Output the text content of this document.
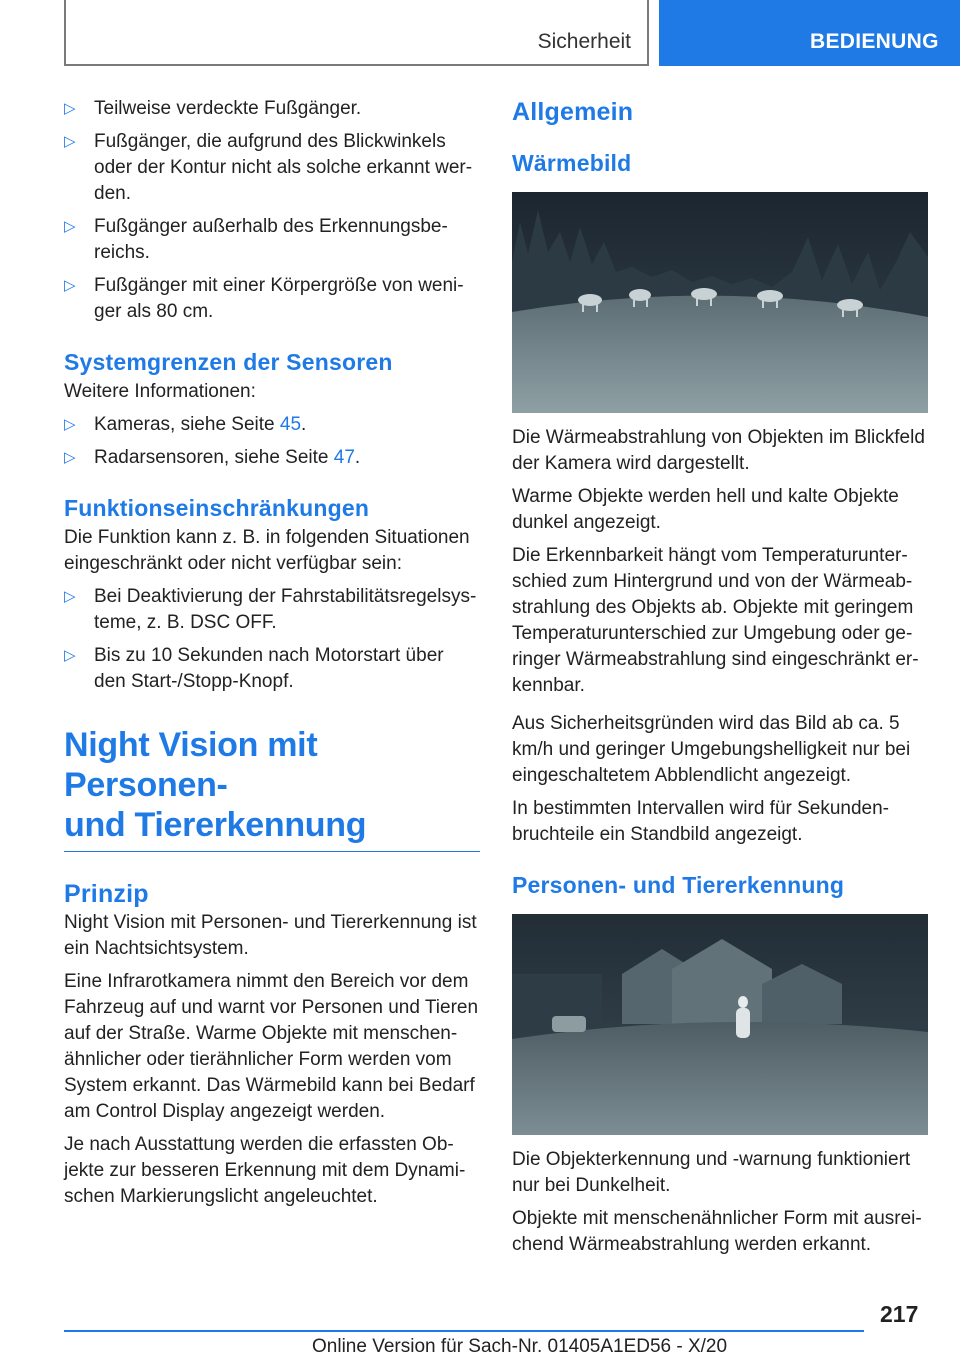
Sicherheit	BEDIENUNG
▷ Teilweise verdeckte Fußgänger.
▷ Fußgänger, die aufgrund des Blickwinkels oder der Kontur nicht als solche erkannt wer‐den.
▷ Fußgänger außerhalb des Erkennungsbe‐reichs.
▷ Fußgänger mit einer Körpergröße von weni‐ger als 80 cm.
Systemgrenzen der Sensoren

Weitere Informationen:

▷ Kameras, siehe Seite 45.
▷ Radarsensoren, siehe Seite 47.
Funktionseinschränkungen

Die Funktion kann z. B. in folgenden Situationen eingeschränkt oder nicht verfügbar sein:

▷ Bei Deaktivierung der Fahrstabilitätsregelsys‐teme, z. B. DSC OFF.
▷ Bis zu 10 Sekunden nach Motorstart über den Start-/Stopp-Knopf.
Night Vision mit Personen-
und Tiererkennung
Prinzip

Night Vision mit Personen- und Tiererkennung ist ein Nachtsichtsystem.

Eine Infrarotkamera nimmt den Bereich vor dem Fahrzeug auf und warnt vor Personen und Tieren auf der Straße. Warme Objekte mit menschen‐ähnlicher oder tierähnlicher Form werden vom System erkannt. Das Wärmebild kann bei Bedarf am Control Display angezeigt werden.

Je nach Ausstattung werden die erfassten Ob‐jekte zur besseren Erkennung mit dem Dynami‐schen Markierungslicht angeleuchtet.

Allgemein
Wärmebild

Die Wärmeabstrahlung von Objekten im Blickfeld der Kamera wird dargestellt.

Warme Objekte werden hell und kalte Objekte dunkel angezeigt.

Die Erkennbarkeit hängt vom Temperaturunter‐schied zum Hintergrund und von der Wärmeab‐strahlung des Objekts ab. Objekte mit geringem Temperaturunterschied zur Umgebung oder ge‐ringer Wärmeabstrahlung sind eingeschränkt er‐kennbar.

Aus Sicherheitsgründen wird das Bild ab ca. 5 km/h und geringer Umgebungshelligkeit nur bei eingeschaltetem Abblendlicht angezeigt.

In bestimmten Intervallen wird für Sekunden‐bruchteile ein Standbild angezeigt.

Personen- und Tiererkennung

Die Objekterkennung und -warnung funktioniert nur bei Dunkelheit.

Objekte mit menschenähnlicher Form mit ausrei‐chend Wärmeabstrahlung werden erkannt.

217
Online Version für Sach-Nr. 01405A1ED56 - X/20
